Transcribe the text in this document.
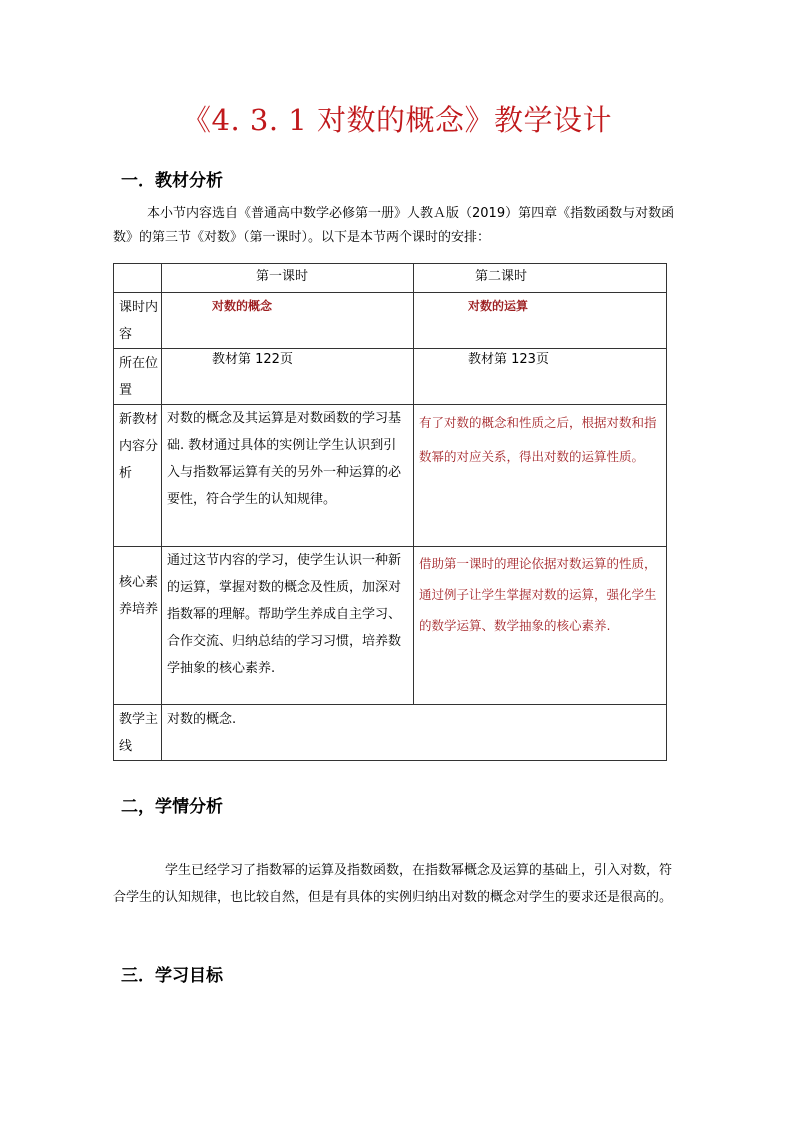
《4. 3. 1 对数的概念》教学设计
一．教材分析
本小节内容选自《普通高中数学必修第一册》人教Ａ版（2019）第四章《指数函数与对数函数》的第三节《对数》（第一课时）。以下是本节两个课时的安排：
	第一课时	第二课时
课时内容	对数的概念	对数的运算
所在位置	教材第 122页	教材第 123页
新教材内容分析	对数的概念及其运算是对数函数的学习基础. 教材通过具体的实例让学生认识到引入与指数幂运算有关的另外一种运算的必要性，符合学生的认知规律。	有了对数的概念和性质之后，根据对数和指数幂的对应关系，得出对数的运算性质。
核心素养培养	通过这节内容的学习，使学生认识一种新的运算，掌握对数的概念及性质，加深对指数幂的理解。帮助学生养成自主学习、合作交流、归纳总结的学习习惯，培养数学抽象的核心素养.	借助第一课时的理论依据对数运算的性质，通过例子让学生掌握对数的运算，强化学生的数学运算、数学抽象的核心素养.
教学主线	对数的概念.	
二，学情分析
学生已经学习了指数幂的运算及指数函数，在指数幂概念及运算的基础上，引入对数，符合学生的认知规律，也比较自然，但是有具体的实例归纳出对数的概念对学生的要求还是很高的。
三．学习目标
